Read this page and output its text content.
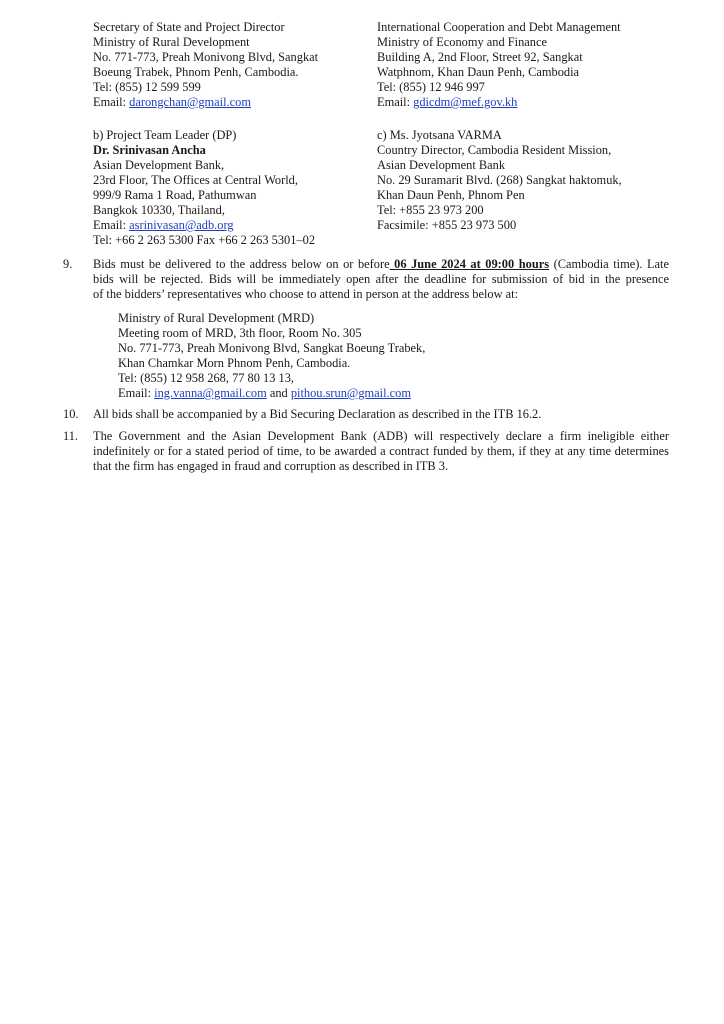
Secretary of State and Project Director
Ministry of Rural Development
No. 771-773, Preah Monivong Blvd, Sangkat
Boeung Trabek, Phnom Penh, Cambodia.
Tel: (855) 12 599 599
Email: darongchan@gmail.com
International Cooperation and Debt Management
Ministry of Economy and Finance
Building A, 2nd Floor, Street 92, Sangkat
Watphnom, Khan Daun Penh, Cambodia
Tel: (855) 12 946 997
Email: gdicdm@mef.gov.kh
b) Project Team Leader (DP)
Dr. Srinivasan Ancha
Asian Development Bank,
23rd Floor, The Offices at Central World,
999/9 Rama 1 Road, Pathumwan
Bangkok 10330, Thailand,
Email: asrinivasan@adb.org
Tel: +66 2 263 5300 Fax +66 2 263 5301–02
c) Ms. Jyotsana VARMA
Country Director, Cambodia Resident Mission,
Asian Development Bank
No. 29 Suramarit Blvd. (268) Sangkat haktomuk,
Khan Daun Penh, Phnom Pen
Tel: +855 23 973 200
Facsimile: +855 23 973 500
9.	Bids must be delivered to the address below on or before 06 June 2024 at 09:00 hours (Cambodia time). Late
bids will be rejected. Bids will be immediately open after the deadline for submission of bid in the presence
of the bidders’ representatives who choose to attend in person at the address below at:
Ministry of Rural Development (MRD)
Meeting room of MRD, 3th floor, Room No. 305
No. 771-773, Preah Monivong Blvd, Sangkat Boeung Trabek,
Khan Chamkar Morn Phnom Penh, Cambodia.
Tel: (855) 12 958 268, 77 80 13 13,
Email: ing.vanna@gmail.com and pithou.srun@gmail.com
10.	All bids shall be accompanied by a Bid Securing Declaration as described in the ITB 16.2.
11.	The Government and the Asian Development Bank (ADB) will respectively declare a firm ineligible either
indefinitely or for a stated period of time, to be awarded a contract funded by them, if they at any time determines
that the firm has engaged in fraud and corruption as described in ITB 3.
